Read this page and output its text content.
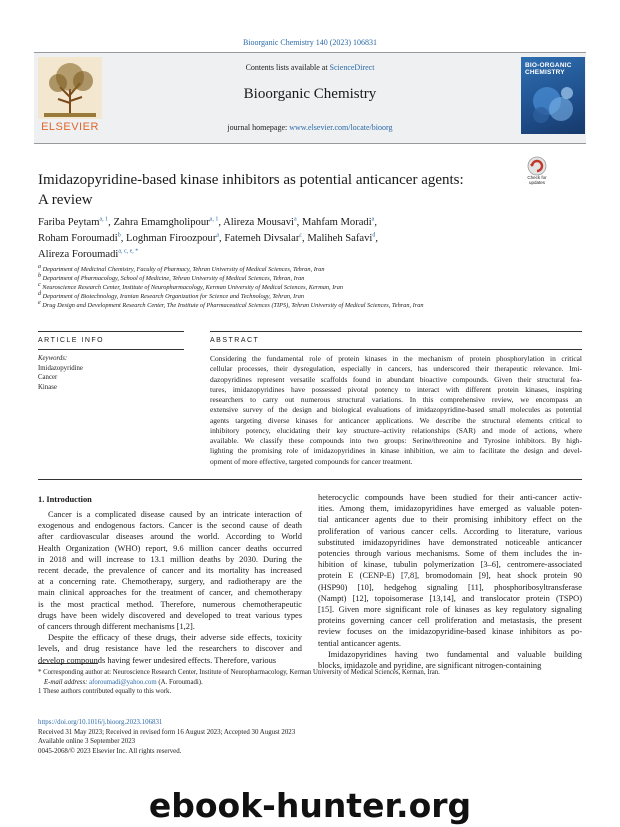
Bioorganic Chemistry 140 (2023) 106831
ELSEVIER
Contents lists available at ScienceDirect
Bioorganic Chemistry
journal homepage: www.elsevier.com/locate/bioorg
BIO-ORGANIC CHEMISTRY
Imidazopyridine-based kinase inhibitors as potential anticancer agents:
A review
Check for
updates
Fariba Peytam$^{a, 1}$, Zahra Emamgholipour$^{a, 1}$, Alireza Mousavi$^a$, Mahfam Moradi$^a$,
Roham Foroumadi$^b$, Loghman Firoozpour$^a$, Fatemeh Divsalar$^c$, Maliheh Safavi$^d$,
Alireza Foroumadi$^{a, c, e, *}$
$^a$ Department of Medicinal Chemistry, Faculty of Pharmacy, Tehran University of Medical Sciences, Tehran, Iran
$^b$ Department of Pharmacology, School of Medicine, Tehran University of Medical Sciences, Tehran, Iran
$^c$ Neuroscience Research Center, Institute of Neuropharmacology, Kerman University of Medical Sciences, Kerman, Iran
$^d$ Department of Biotechnology, Iranian Research Organization for Science and Technology, Tehran, Iran
$^e$ Drug Design and Development Research Center, The Institute of Pharmaceutical Sciences (TIPS), Tehran University of Medical Sciences, Tehran, Iran
ARTICLE INFO	ABSTRACT
Keywords:
Imidazopyridine
Cancer
Kinase
Considering the fundamental role of protein kinases in the mechanism of protein phosphorylation in critical
cellular processes, their dysregulation, especially in cancers, has underscored their therapeutic relevance. Imi-
dazopyridines represent versatile scaffolds found in abundant bioactive compounds. Given their structural fea-
tures, imidazopyridines have possessed pivotal potency to interact with different protein kinases, inspiring
researchers to carry out numerous structural variations. In this comprehensive review, we encompass an
extensive survey of the design and biological evaluations of imidazopyridine-based small molecules as potential
agents targeting diverse kinases for anticancer applications. We describe the structural elements critical to
inhibitory potency, elucidating their key structure–activity relationships (SAR) and mode of actions, where
available. We classify these compounds into two groups: Serine/threonine and Tyrosine inhibitors. By high-
lighting the promising role of imidazopyridines in kinase inhibition, we aim to facilitate the design and devel-
opment of more effective, targeted compounds for cancer treatment.
1. Introduction
Cancer is a complicated disease caused by an intricate interaction of
exogenous and endogenous factors. Cancer is the second cause of death
after cardiovascular diseases around the world. According to World
Health Organization (WHO) report, 9.6 million cancer deaths occurred
in 2018 and will increase to 13.1 million deaths by 2030. During the
recent decade, the prevalence of cancer and its mortality has increased
at a concerning rate. Chemotherapy, surgery, and radiotherapy are the
main clinical approaches for the treatment of cancer, and chemotherapy
is the most practical method. Therefore, numerous chemotherapeutic
drugs have been widely discovered and developed to treat various types
of cancers through different mechanisms [1,2].
Despite the efficacy of these drugs, their adverse side effects, toxicity
levels, and drug resistance have led the researchers to discover and
develop compounds having fewer undesired effects. Therefore, various
heterocyclic compounds have been studied for their anti-cancer activ-
ities. Among them, imidazopyridines have emerged as valuable poten-
tial anticancer agents due to their promising inhibitory effect on the
proliferation of various cancer cells. According to literature, various
substituted imidazopyridines have demonstrated noticeable anticancer
potencies through various mechanisms. Some of them includes the in-
hibition of kinase, tubulin polymerization [3–6], centromere-associated
protein E (CENP-E) [7,8], bromodomain [9], heat shock protein 90
(HSP90) [10], hedgehog signaling [11], phosphoribosyltransferase
(Nampt) [12], topoisomerase [13,14], and translocator protein (TSPO)
[15]. Given more significant role of kinases as key regulatory signaling
proteins governing cancer cell proliferation and metastasis, the present
review focuses on the imidazopyridine-based kinase inhibitors as po-
tential anticancer agents.
Imidazopyridines having two fundamental and valuable building
blocks, imidazole and pyridine, are significant nitrogen-containing
* Corresponding author at: Neuroscience Research Center, Institute of Neuropharmacology, Kerman University of Medical Sciences, Kerman, Iran.
E-mail address: aforoumadi@yahoo.com (A. Foroumadi).
1 These authors contributed equally to this work.
https://doi.org/10.1016/j.bioorg.2023.106831
Received 31 May 2023; Received in revised form 16 August 2023; Accepted 30 August 2023
Available online 3 September 2023
0045-2068/© 2023 Elsevier Inc. All rights reserved.
ebook-hunter.org
